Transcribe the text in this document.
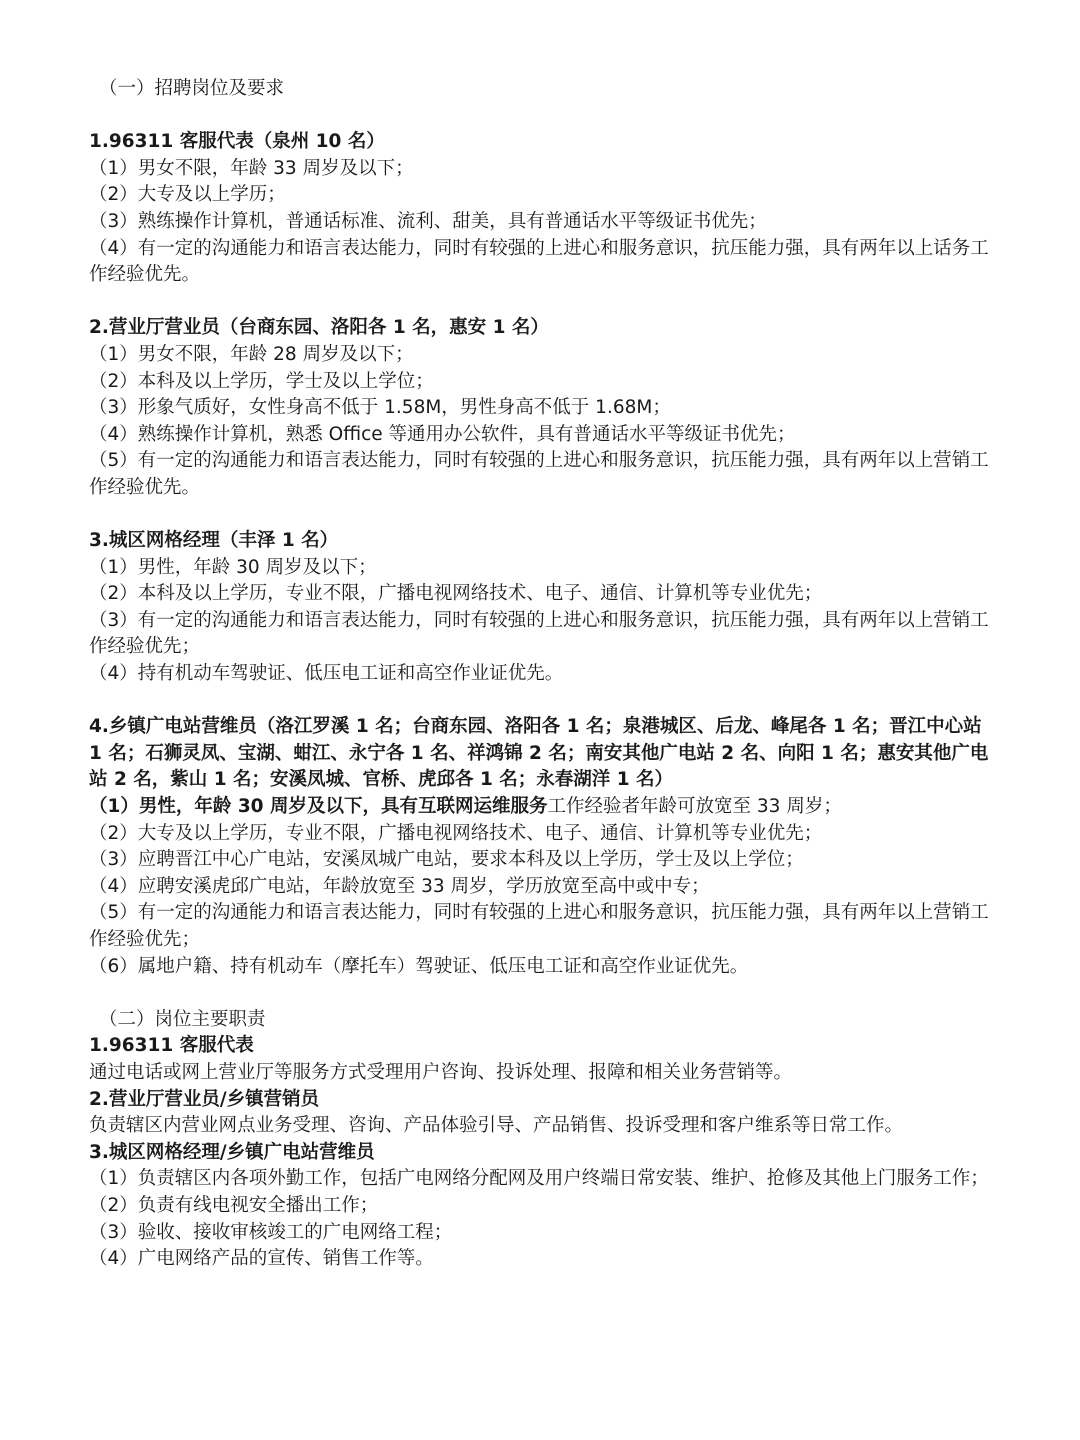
（一）招聘岗位及要求
1.96311 客服代表（泉州 10 名）
（1）男女不限，年龄 33 周岁及以下；
（2）大专及以上学历；
（3）熟练操作计算机，普通话标准、流利、甜美，具有普通话水平等级证书优先；
（4）有一定的沟通能力和语言表达能力，同时有较强的上进心和服务意识，抗压能力强，具有两年以上话务工作经验优先。
2.营业厅营业员（台商东园、洛阳各 1 名，惠安 1 名）
（1）男女不限，年龄 28 周岁及以下；
（2）本科及以上学历，学士及以上学位；
（3）形象气质好，女性身高不低于 1.58M，男性身高不低于 1.68M；
（4）熟练操作计算机，熟悉 Office 等通用办公软件，具有普通话水平等级证书优先；
（5）有一定的沟通能力和语言表达能力，同时有较强的上进心和服务意识，抗压能力强，具有两年以上营销工作经验优先。
3.城区网格经理（丰泽 1 名）
（1）男性，年龄 30 周岁及以下；
（2）本科及以上学历，专业不限，广播电视网络技术、电子、通信、计算机等专业优先；
（3）有一定的沟通能力和语言表达能力，同时有较强的上进心和服务意识，抗压能力强，具有两年以上营销工作经验优先；
（4）持有机动车驾驶证、低压电工证和高空作业证优先。
4.乡镇广电站营维员（洛江罗溪 1 名；台商东园、洛阳各 1 名；泉港城区、后龙、峰尾各 1 名；晋江中心站 1 名；石狮灵凤、宝湖、蚶江、永宁各 1 名、祥鸿锦 2 名；南安其他广电站 2 名、向阳 1 名；惠安其他广电站 2 名，紫山 1 名；安溪凤城、官桥、虎邱各 1 名；永春湖洋 1 名）
（1）男性，年龄 30 周岁及以下，具有互联网运维服务工作经验者年龄可放宽至 33 周岁；
（2）大专及以上学历，专业不限，广播电视网络技术、电子、通信、计算机等专业优先；
（3）应聘晋江中心广电站，安溪凤城广电站，要求本科及以上学历，学士及以上学位；
（4）应聘安溪虎邱广电站，年龄放宽至 33 周岁，学历放宽至高中或中专；
（5）有一定的沟通能力和语言表达能力，同时有较强的上进心和服务意识，抗压能力强，具有两年以上营销工作经验优先；
（6）属地户籍、持有机动车（摩托车）驾驶证、低压电工证和高空作业证优先。
（二）岗位主要职责
1.96311 客服代表
通过电话或网上营业厅等服务方式受理用户咨询、投诉处理、报障和相关业务营销等。
2.营业厅营业员/乡镇营销员
负责辖区内营业网点业务受理、咨询、产品体验引导、产品销售、投诉受理和客户维系等日常工作。
3.城区网格经理/乡镇广电站营维员
（1）负责辖区内各项外勤工作，包括广电网络分配网及用户终端日常安装、维护、抢修及其他上门服务工作；
（2）负责有线电视安全播出工作；
（3）验收、接收审核竣工的广电网络工程；
（4）广电网络产品的宣传、销售工作等。
